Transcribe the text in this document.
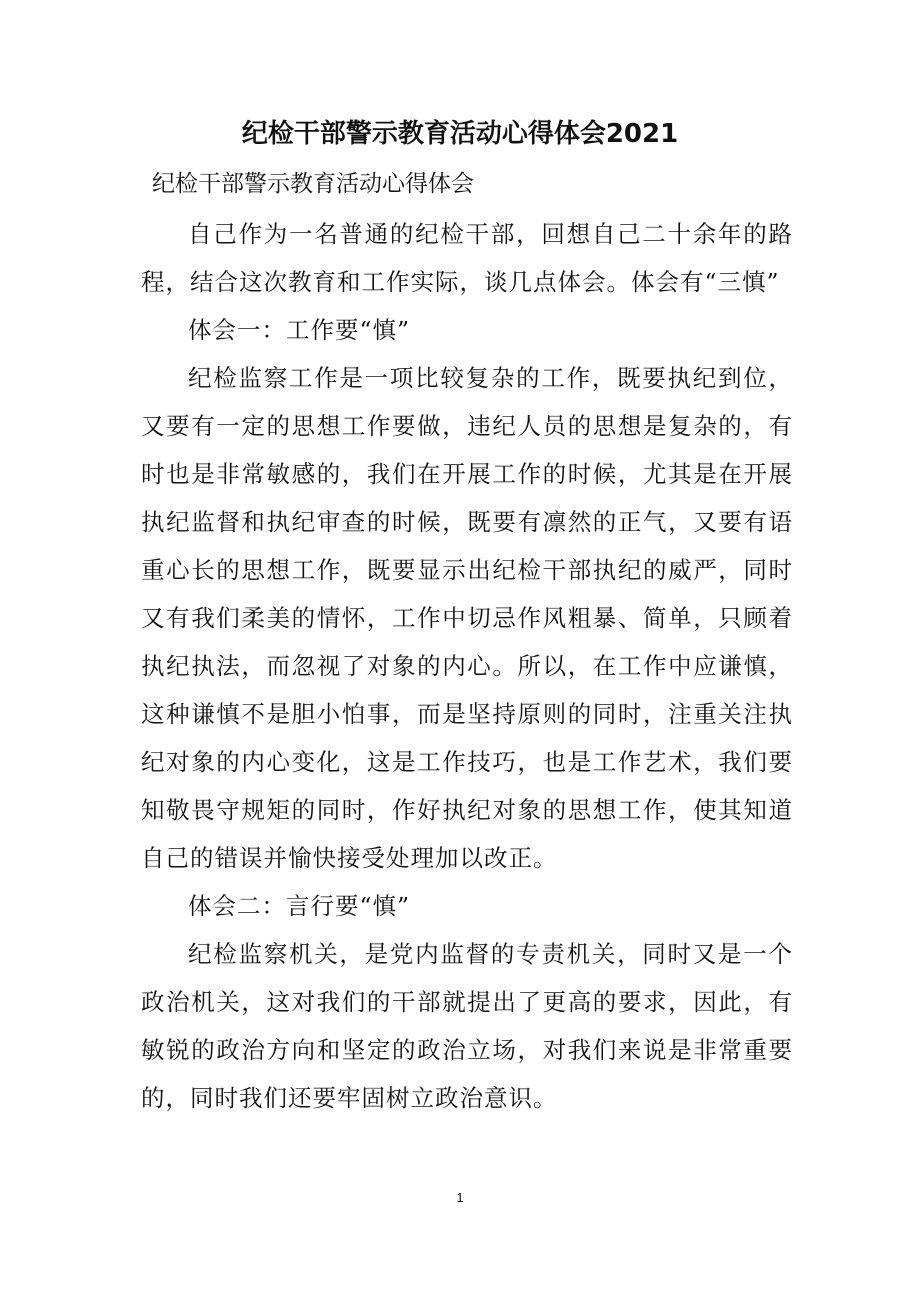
纪检干部警示教育活动心得体会2021

纪检干部警示教育活动心得体会

自己作为一名普通的纪检干部，回想自己二十余年的路程，结合这次教育和工作实际，谈几点体会。体会有“三慎”

体会一：工作要“慎”

纪检监察工作是一项比较复杂的工作，既要执纪到位，又要有一定的思想工作要做，违纪人员的思想是复杂的，有时也是非常敏感的，我们在开展工作的时候，尤其是在开展执纪监督和执纪审查的时候，既要有凛然的正气，又要有语重心长的思想工作，既要显示出纪检干部执纪的威严，同时又有我们柔美的情怀，工作中切忌作风粗暴、简单，只顾着执纪执法，而忽视了对象的内心。所以，在工作中应谦慎，这种谦慎不是胆小怕事，而是坚持原则的同时，注重关注执纪对象的内心变化，这是工作技巧，也是工作艺术，我们要知敬畏守规矩的同时，作好执纪对象的思想工作，使其知道自己的错误并愉快接受处理加以改正。

体会二：言行要“慎”

纪检监察机关，是党内监督的专责机关，同时又是一个政治机关，这对我们的干部就提出了更高的要求，因此，有敏锐的政治方向和坚定的政治立场，对我们来说是非常重要的，同时我们还要牢固树立政治意识。

1
